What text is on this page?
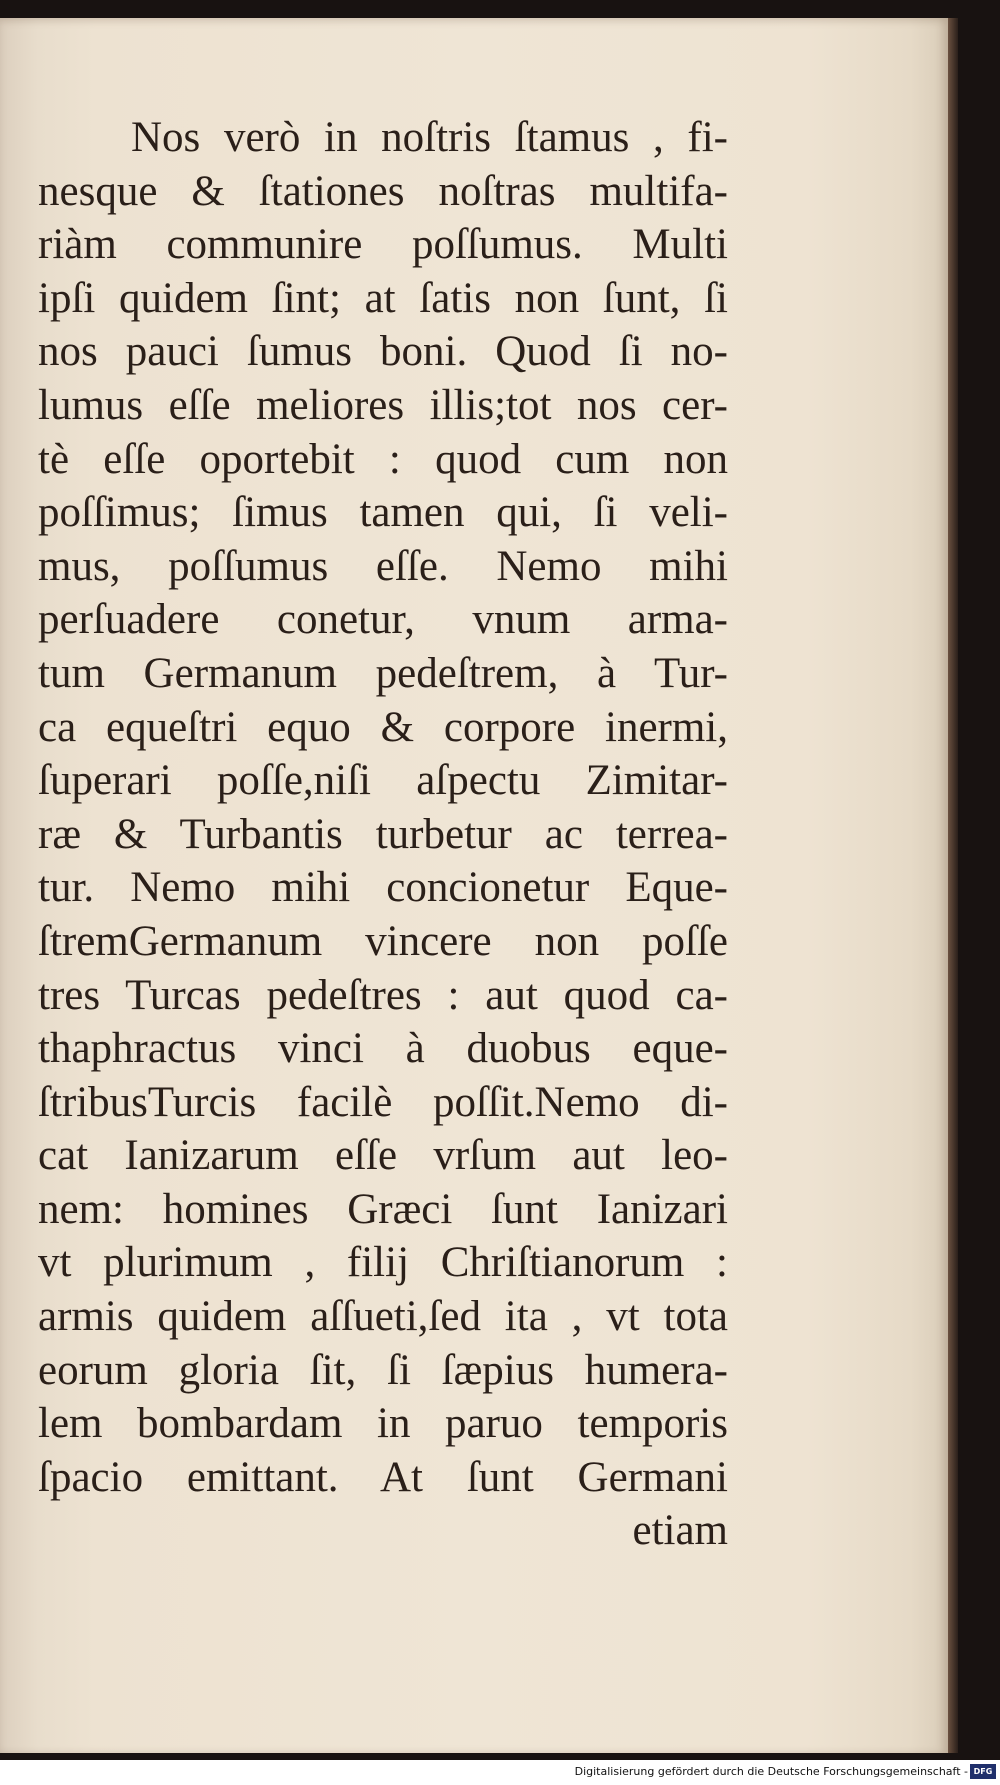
Nos verò in noſtris ſtamus , fi-
nesque & ſtationes noſtras multifa-
riàm communire poſſumus. Multi
ipſi quidem ſint; at ſatis non ſunt, ſi
nos pauci ſumus boni. Quod ſi no-
lumus eſſe meliores illis;tot nos cer-
tè eſſe oportebit : quod cum non
poſſimus; ſimus tamen qui, ſi veli-
mus, poſſumus eſſe. Nemo mihi
perſuadere conetur, vnum arma-
tum Germanum pedeſtrem, à Tur-
ca equeſtri equo & corpore inermi,
ſuperari poſſe,niſi aſpectu Zimitar-
ræ & Turbantis turbetur ac terrea-
tur. Nemo mihi concionetur Eque-
ſtremGermanum vincere non poſſe
tres Turcas pedeſtres : aut quod ca-
thaphractus vinci à duobus eque-
ſtribusTurcis facilè poſſit.Nemo di-
cat Ianizarum eſſe vrſum aut leo-
nem: homines Græci ſunt Ianizari
vt plurimum , filij Chriſtianorum :
armis quidem aſſueti,ſed ita , vt tota
eorum gloria ſit, ſi ſæpius humera-
lem bombardam in paruo temporis
ſpacio emittant. At ſunt Germani
etiam
Digitalisierung gefördert durch die Deutsche Forschungsgemeinschaft - DFG
